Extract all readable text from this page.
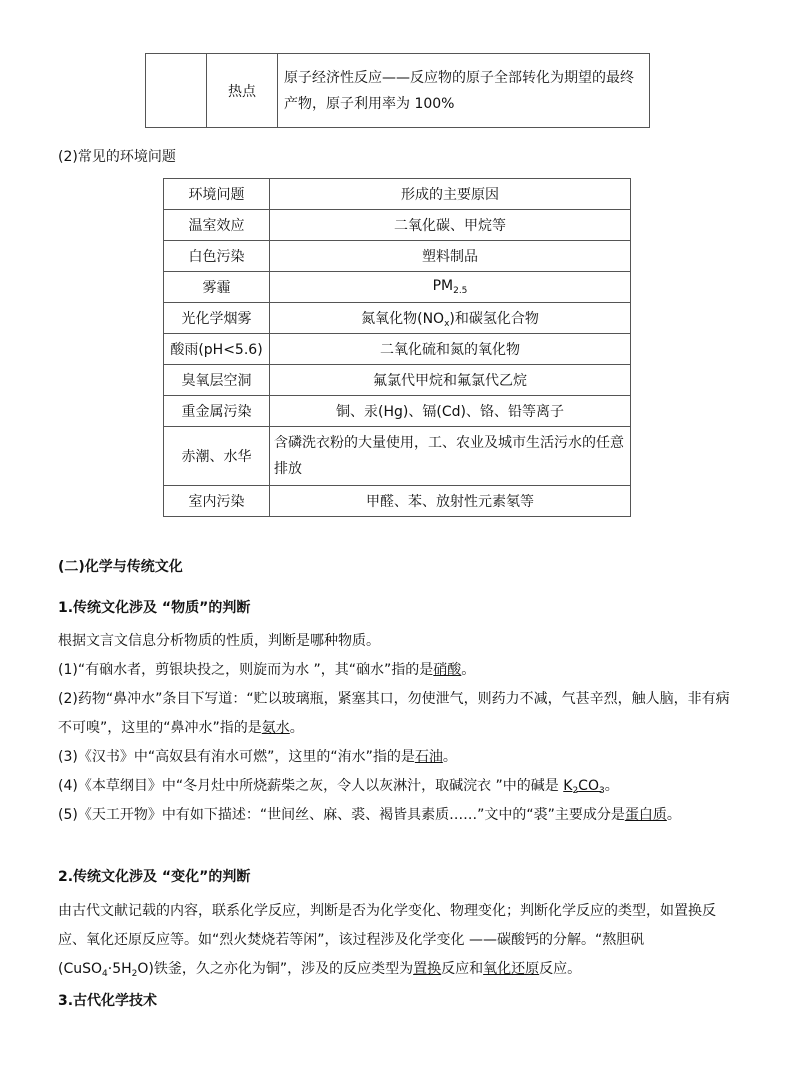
	热点	原子经济性反应——反应物的原子全部转化为期望的最终产物，原子利用率为 100%
(2)常见的环境问题
环境问题	形成的主要原因
温室效应	二氧化碳、甲烷等
白色污染	塑料制品
雾霾	$PM_{2.5}$
光化学烟雾	氮氧化物$(NO_x)$和碳氢化合物
酸雨(pH<5.6)	二氧化硫和氮的氧化物
臭氧层空洞	氟氯代甲烷和氟氯代乙烷
重金属污染	铜、汞(Hg)、镉(Cd)、铬、铅等离子
赤潮、水华	含磷洗衣粉的大量使用，工、农业及城市生活污水的任意排放
室内污染	甲醛、苯、放射性元素氡等
(二)化学与传统文化
1.传统文化涉及 “物质”的判断
根据文言文信息分析物质的性质，判断是哪种物质。
(1)“有硇水者，剪银块投之，则旋而为水 ”，其“硇水”指的是硝酸。
(2)药物“鼻冲水”条目下写道：“贮以玻璃瓶，紧塞其口，勿使泄气，则药力不减，气甚辛烈，触人脑，非有病不可嗅”，这里的“鼻冲水”指的是氨水。
(3)《汉书》中“高奴县有洧水可燃”，这里的“洧水”指的是石油。
(4)《本草纲目》中“冬月灶中所烧薪柴之灰，令人以灰淋汁，取碱浣衣 ”中的碱是 $K_2CO_3$。
(5)《天工开物》中有如下描述：“世间丝、麻、裘、褐皆具素质……”文中的“裘”主要成分是蛋白质。
2.传统文化涉及 “变化”的判断
由古代文献记载的内容，联系化学反应，判断是否为化学变化、物理变化；判断化学反应的类型，如置换反应、氧化还原反应等。如“烈火焚烧若等闲”，该过程涉及化学变化 ——碳酸钙的分解。“熬胆矾$(CuSO_4\cdot 5H_2O)$铁釜，久之亦化为铜”，涉及的反应类型为置换反应和氧化还原反应。
3.古代化学技术
